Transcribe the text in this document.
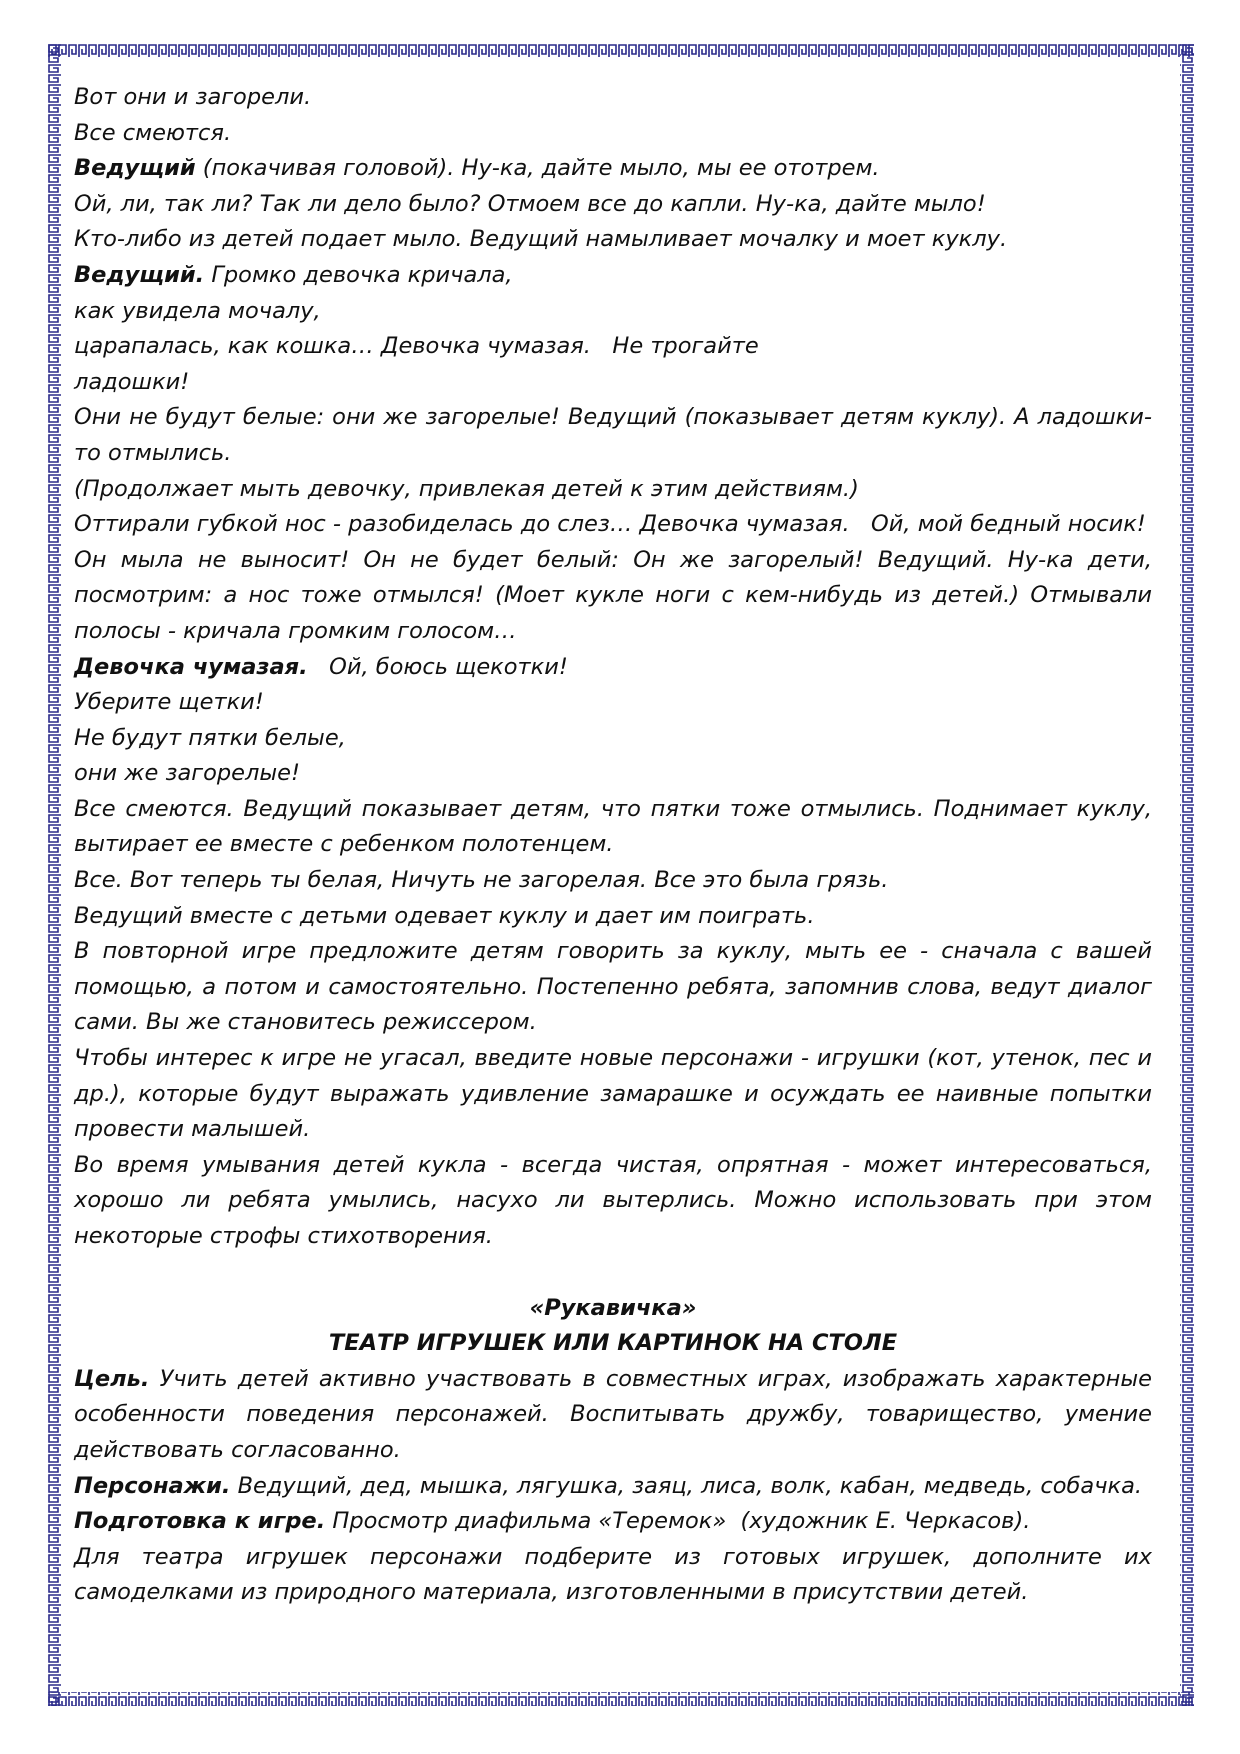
Вот они и загорели.

Все смеются.

Ведущий (покачивая головой). Ну-ка, дайте мыло, мы ее ототрем.

Ой, ли, так ли? Так ли дело было? Отмоем все до капли. Ну-ка, дайте мыло!

Кто-либо из детей подает мыло. Ведущий намыливает мочалку и моет куклу.

Ведущий. Громко девочка кричала,

как увидела мочалу,

царапалась, как кошка… Девочка чумазая.   Не трогайте

ладошки!

Они не будут белые: они же загорелые! Ведущий (показывает детям куклу). А ладошки-то отмылись.

(Продолжает мыть девочку, привлекая детей к этим действиям.)

Оттирали губкой нос - разобиделась до слез… Девочка чумазая.   Ой, мой бедный носик!

Он мыла не выносит! Он не будет белый: Он же загорелый! Ведущий. Ну-ка дети, посмотрим: а нос тоже отмылся! (Моет кукле ноги с кем-нибудь из детей.) Отмывали полосы - кричала громким голосом…

Девочка чумазая.   Ой, боюсь щекотки!

Уберите щетки!

Не будут пятки белые,

они же загорелые!

Все смеются. Ведущий показывает детям, что пятки тоже отмылись. Поднимает куклу, вытирает ее вместе с ребенком полотенцем.

Все. Вот теперь ты белая, Ничуть не загорелая. Все это была грязь.

Ведущий вместе с детьми одевает куклу и дает им поиграть.

В повторной игре предложите детям говорить за куклу, мыть ее - сначала с вашей помощью, а потом и самостоятельно. Постепенно ребята, запомнив слова, ведут диалог сами. Вы же становитесь режиссером.

Чтобы интерес к игре не угасал, введите новые персонажи - игрушки (кот, утенок, пес и др.), которые будут выражать удивление замарашке и осуждать ее наивные попытки провести малышей.

Во время умывания детей кукла - всегда чистая, опрятная - может интересоваться, хорошо ли ребята умылись, насухо ли вытерлись. Можно использовать при этом некоторые строфы стихотворения.

«Рукавичка»

ТЕАТР ИГРУШЕК ИЛИ КАРТИНОК НА СТОЛЕ

Цель. Учить детей активно участвовать в совместных играх, изображать характерные особенности поведения персонажей. Воспитывать дружбу, товарищество, умение действовать согласованно.

Персонажи. Ведущий, дед, мышка, лягушка, заяц, лиса, волк, кабан, медведь, собачка.

Подготовка к игре. Просмотр диафильма «Теремок»  (художник Е. Черкасов).

Для театра игрушек персонажи подберите из готовых игрушек, дополните их самоделками из природного материала, изготовленными в присутствии детей.
